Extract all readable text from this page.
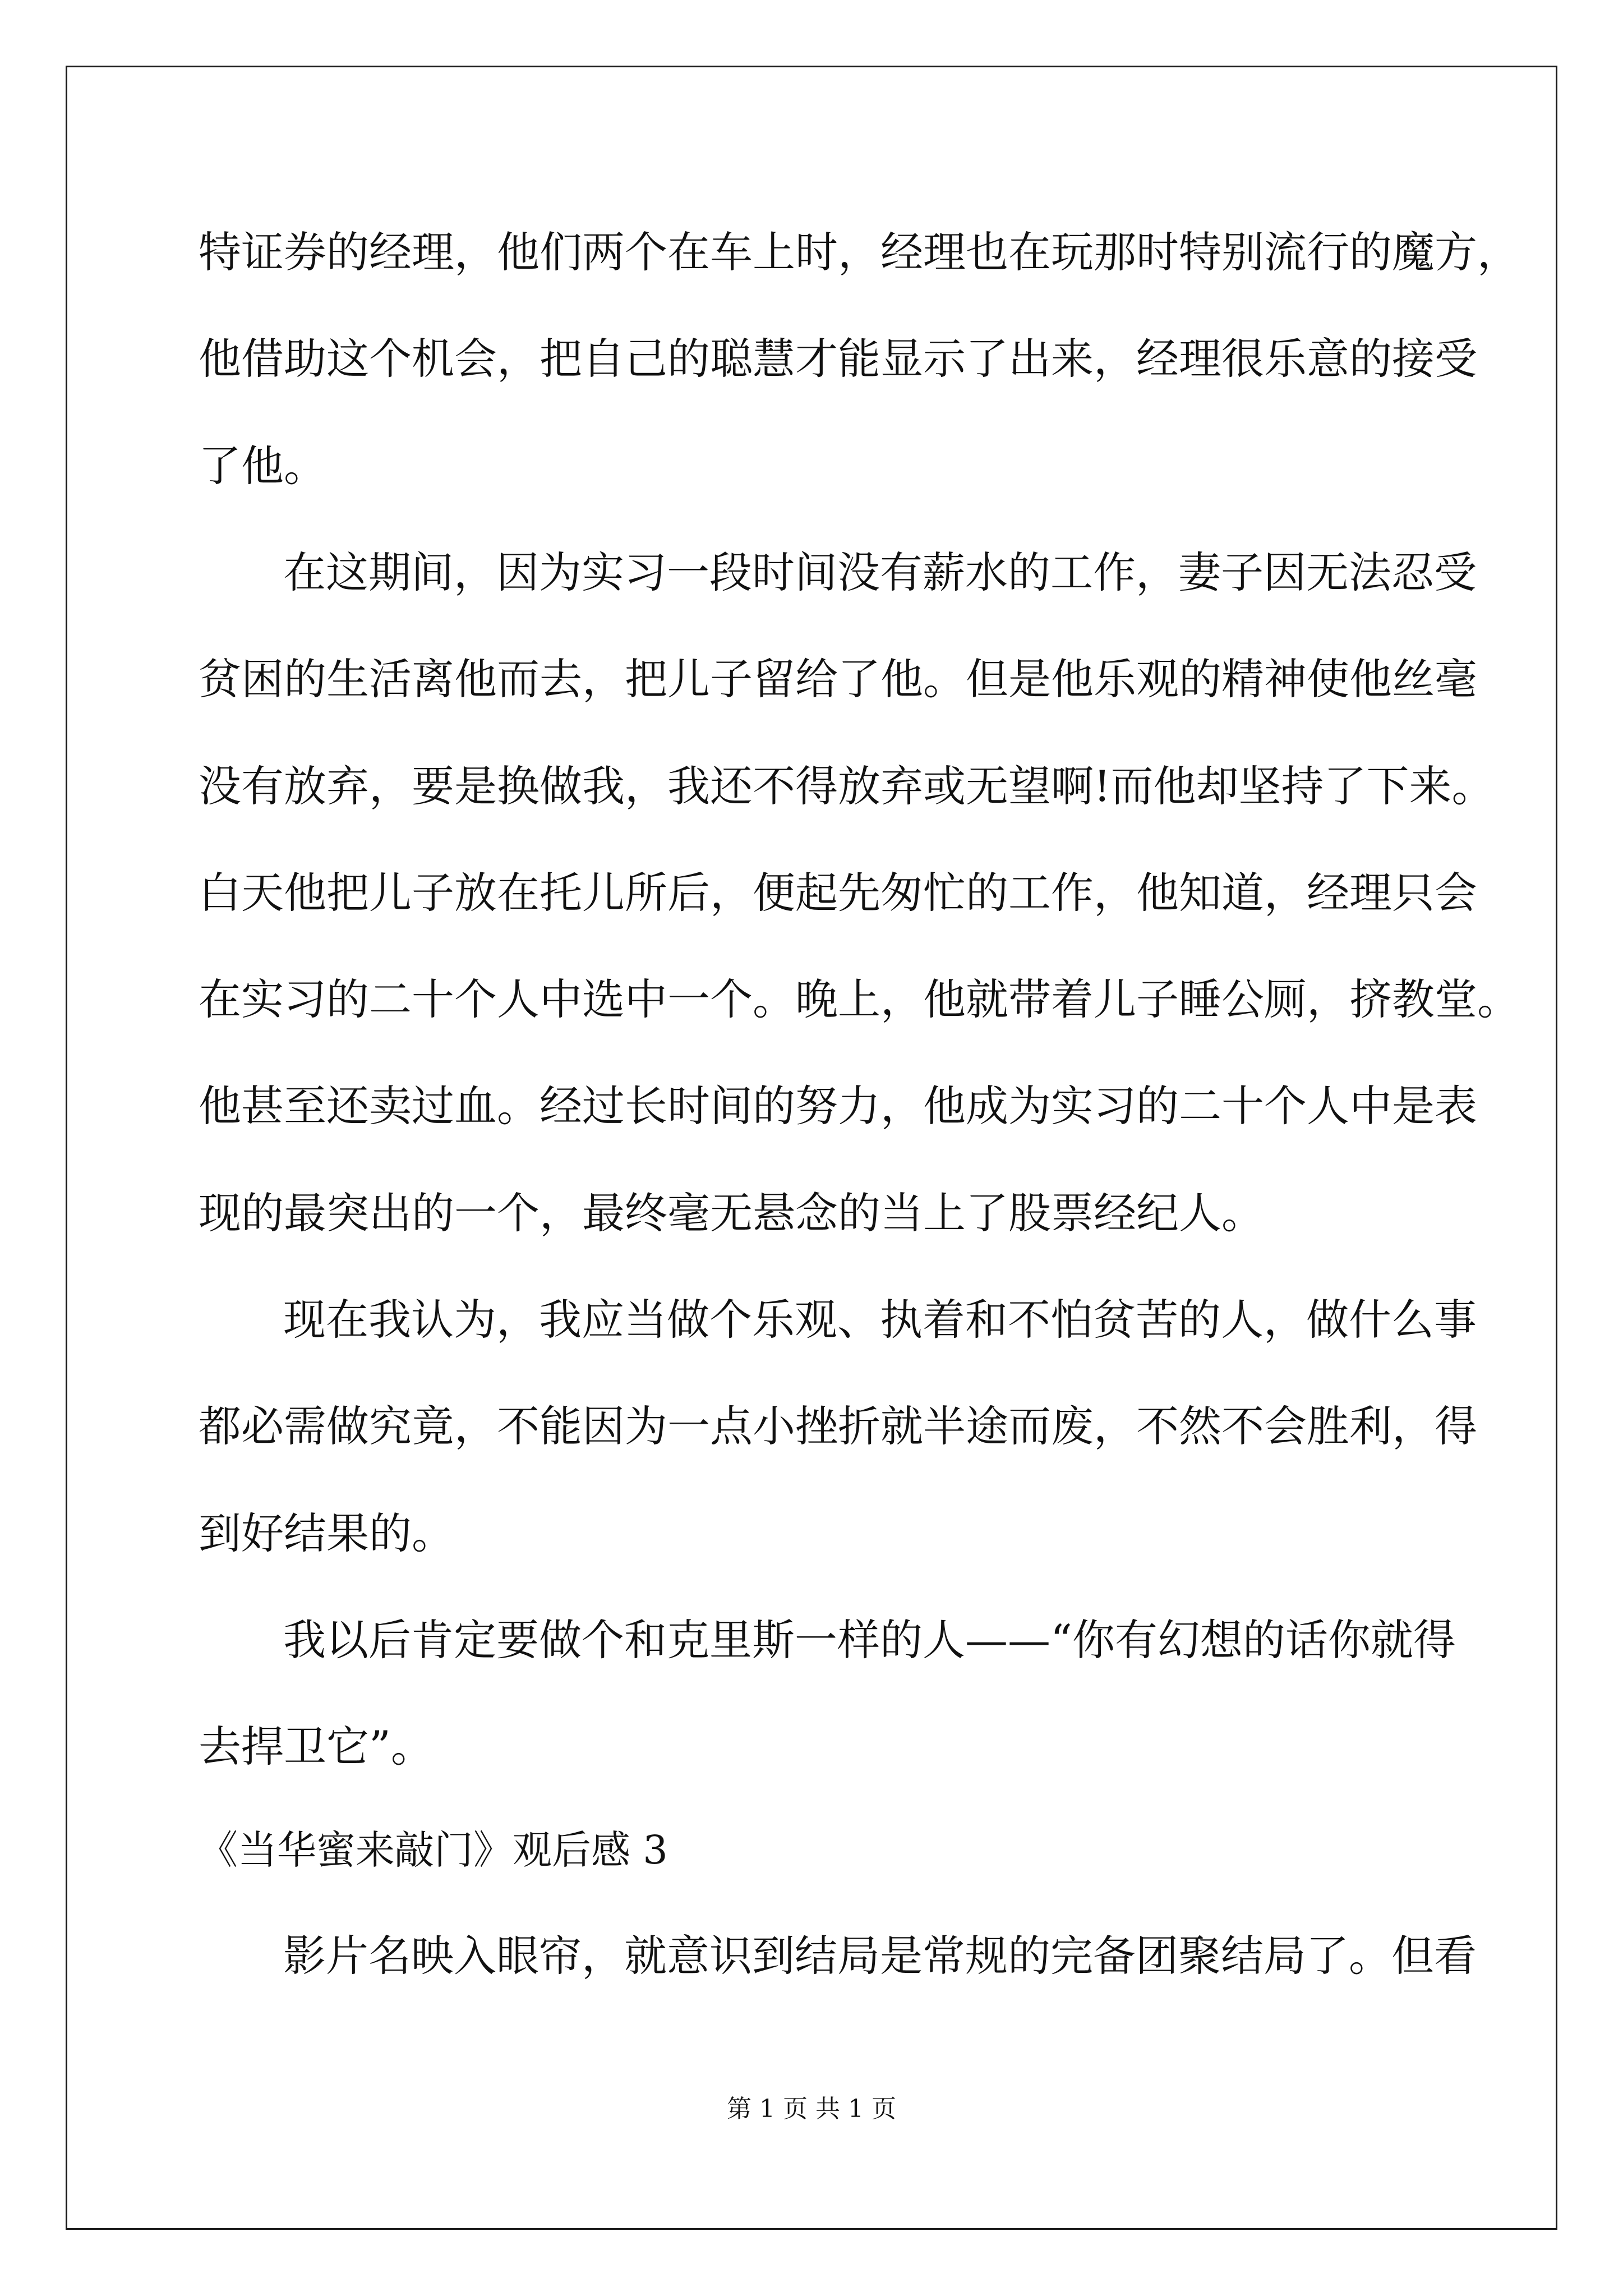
特证券的经理，他们两个在车上时，经理也在玩那时特别流行的魔方，
他借助这个机会，把自己的聪慧才能显示了出来，经理很乐意的接受
了他。
在这期间，因为实习一段时间没有薪水的工作，妻子因无法忍受
贫困的生活离他而去，把儿子留给了他。但是他乐观的精神使他丝毫
没有放弃，要是换做我，我还不得放弃或无望啊!而他却坚持了下来。
白天他把儿子放在托儿所后，便起先匆忙的工作，他知道，经理只会
在实习的二十个人中选中一个。晚上，他就带着儿子睡公厕，挤教堂。
他甚至还卖过血。经过长时间的努力，他成为实习的二十个人中是表
现的最突出的一个，最终毫无悬念的当上了股票经纪人。
现在我认为，我应当做个乐观、执着和不怕贫苦的人，做什么事
都必需做究竟，不能因为一点小挫折就半途而废，不然不会胜利，得
到好结果的。
我以后肯定要做个和克里斯一样的人——“你有幻想的话你就得
去捍卫它”。
《当华蜜来敲门》观后感 3
影片名映入眼帘，就意识到结局是常规的完备团聚结局了。但看
第 1 页 共 1 页
